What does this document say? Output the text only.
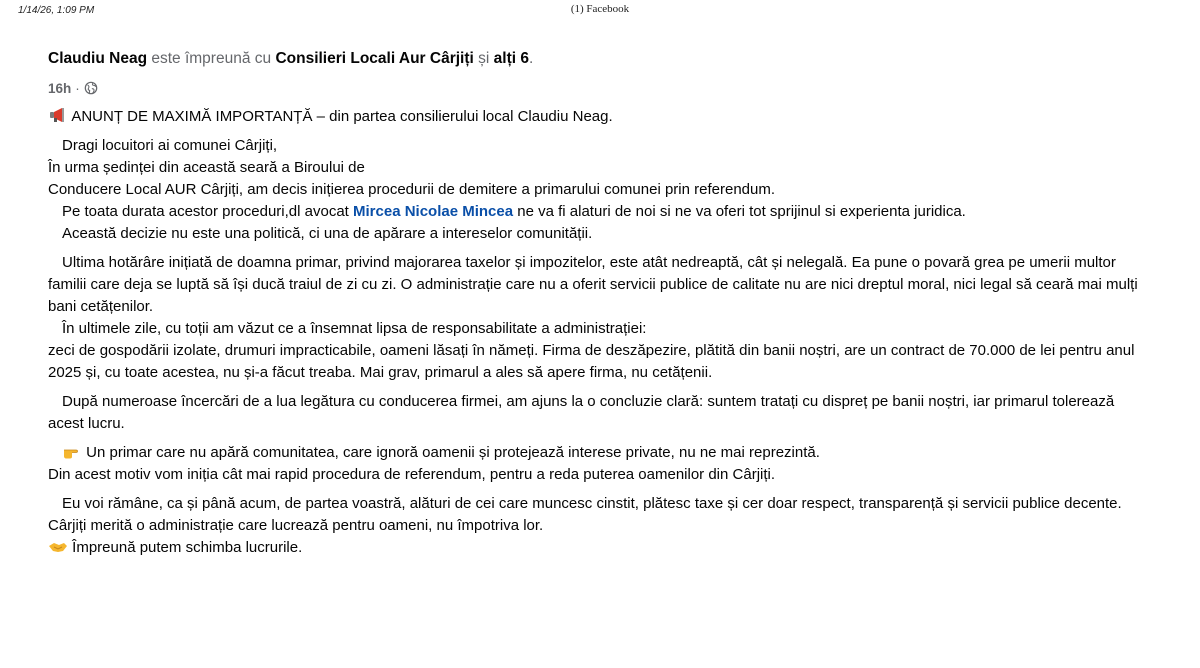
1/14/26, 1:09 PM	(1) Facebook
Claudiu Neag este împreună cu Consilieri Locali Aur Cârjiți și alți 6.
16h ·

ANUNȚ DE MAXIMĂ IMPORTANȚĂ – din partea consilierului local Claudiu Neag.

Dragi locuitori ai comunei Cârjiți,

În urma ședinței din această seară a Biroului de

Conducere Local AUR Cârjiți, am decis inițierea procedurii de demitere a primarului comunei prin referendum.

Pe toata durata acestor proceduri,dl avocat Mircea Nicolae Mincea ne va fi alaturi de noi si ne va oferi tot sprijinul si experienta juridica.

Această decizie nu este una politică, ci una de apărare a intereselor comunității.

Ultima hotărâre inițiată de doamna primar, privind majorarea taxelor și impozitelor, este atât nedreaptă, cât și nelegală. Ea pune o povară grea pe umerii multor familii care deja se luptă să își ducă traiul de zi cu zi. O administrație care nu a oferit servicii publice de calitate nu are nici dreptul moral, nici legal să ceară mai mulți bani cetățenilor.

În ultimele zile, cu toții am văzut ce a însemnat lipsa de responsabilitate a administrației:

zeci de gospodării izolate, drumuri impracticabile, oameni lăsați în nămeți. Firma de deszăpezire, plătită din banii noștri, are un contract de 70.000 de lei pentru anul 2025 și, cu toate acestea, nu și-a făcut treaba. Mai grav, primarul a ales să apere firma, nu cetățenii.

După numeroase încercări de a lua legătura cu conducerea firmei, am ajuns la o concluzie clară: suntem tratați cu dispreț pe banii noștri, iar primarul tolerează acest lucru.

Un primar care nu apără comunitatea, care ignoră oamenii și protejează interese private, nu ne mai reprezintă.

Din acest motiv vom iniția cât mai rapid procedura de referendum, pentru a reda puterea oamenilor din Cârjiți.

Eu voi rămâne, ca și până acum, de partea voastră, alături de cei care muncesc cinstit, plătesc taxe și cer doar respect, transparență și servicii publice decente.

Cârjiți merită o administrație care lucrează pentru oameni, nu împotriva lor.

Împreună putem schimba lucrurile.
